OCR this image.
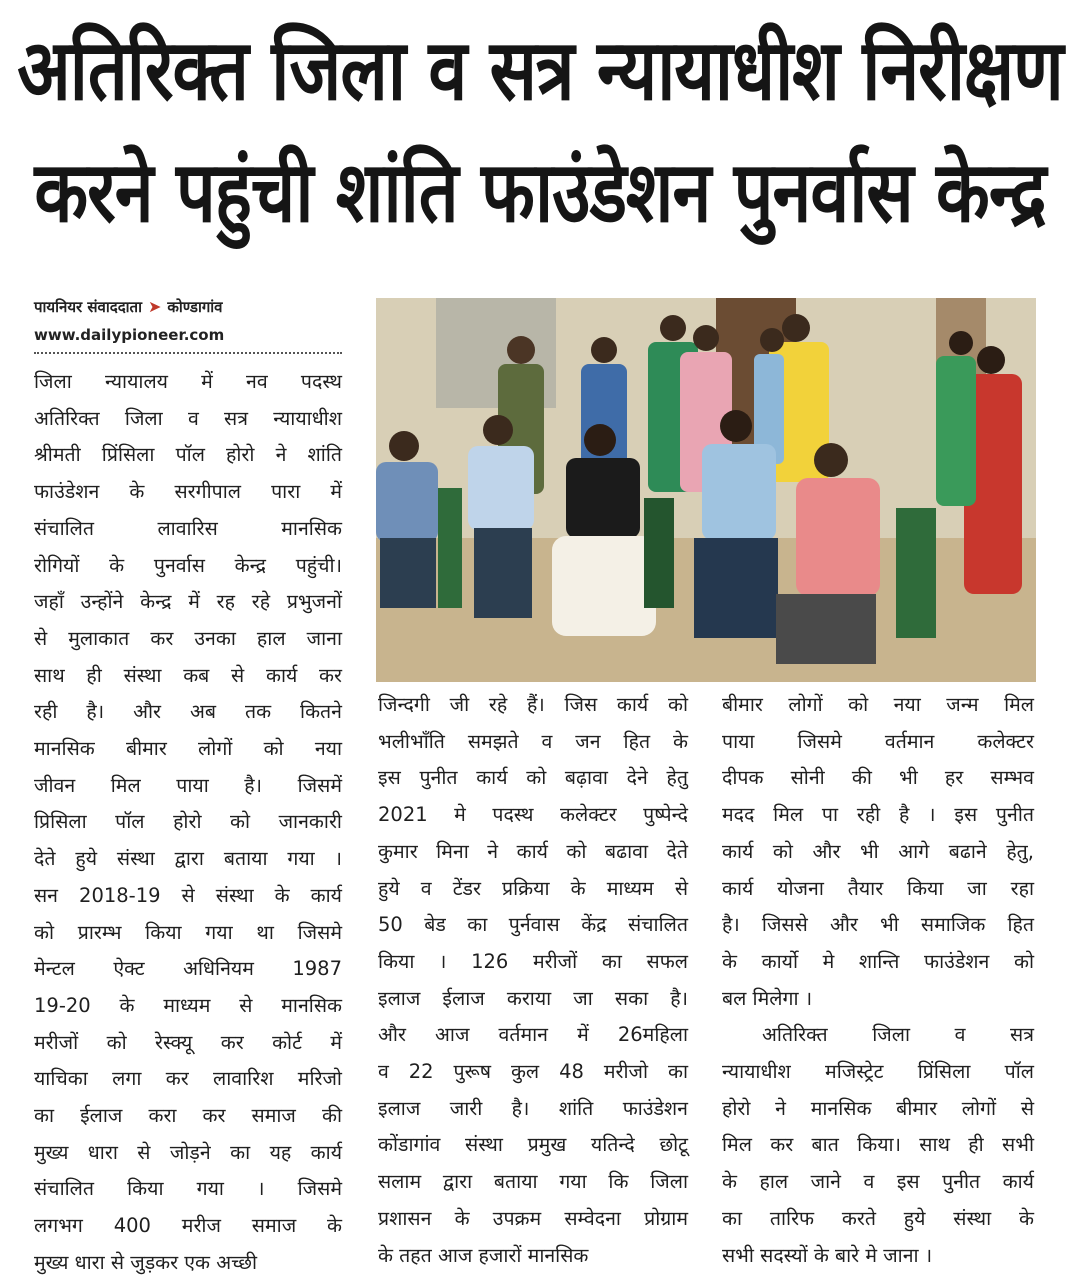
अतिरिक्त जिला व सत्र न्यायाधीश निरीक्षण
करने पहुंची शांति फाउंडेशन पुनर्वास केन्द्र
पायनियर संवाददाता ➤ कोण्डागांव
www.dailypioneer.com

जिला न्यायालय में नव पदस्थ

अतिरिक्त जिला व सत्र न्यायाधीश

श्रीमती प्रिंसिला पॉल होरो ने शांति

फाउंडेशन के सरगीपाल पारा में

संचालित लावारिस मानसिक

रोगियों के पुनर्वास केन्द्र पहुंची।

जहाँ उन्होंने केन्द्र में रह रहे प्रभुजनों

से मुलाकात कर उनका हाल जाना

साथ ही संस्था कब से कार्य कर

रही है। और अब तक कितने

मानसिक बीमार लोगों को नया

जीवन मिल पाया है। जिसमें

प्रिसिला पॉल होरो को जानकारी

देते हुये संस्था द्वारा बताया गया ।

सन 2018-19 से संस्था के कार्य

को प्रारम्भ किया गया था जिसमे

मेन्टल ऐक्ट अधिनियम 1987

19-20 के माध्यम से मानसिक

मरीजों को रेस्क्यू कर कोर्ट में

याचिका लगा कर लावारिश मरिजो

का ईलाज करा कर समाज की

मुख्य धारा से जोड़ने का यह कार्य

संचालित किया गया । जिसमे

लगभग 400 मरीज समाज के

मुख्य धारा से जुड़कर एक अच्छी

जिन्दगी जी रहे हैं। जिस कार्य को

भलीभाँति समझते व जन हित के

इस पुनीत कार्य को बढ़ावा देने हेतु

2021 मे पदस्थ कलेक्टर पुष्पेन्दे

कुमार मिना ने कार्य को बढावा देते

हुये व टेंडर प्रक्रिया के माध्यम से

50 बेड का पुर्नवास केंद्र संचालित

किया । 126 मरीजों का सफल

इलाज ईलाज कराया जा सका है।

और आज वर्तमान में 26महिला

व 22 पुरूष कुल 48 मरीजो का

इलाज जारी है। शांति फाउंडेशन

कोंडागांव संस्था प्रमुख यतिन्दे छोटू

सलाम द्वारा बताया गया कि जिला

प्रशासन के उपक्रम सम्वेदना प्रोग्राम

के तहत आज हजारों मानसिक

बीमार लोगों को नया जन्म मिल

पाया जिसमे वर्तमान कलेक्टर

दीपक सोनी की भी हर सम्भव

मदद मिल पा रही है । इस पुनीत

कार्य को और भी आगे बढाने हेतु,

कार्य योजना तैयार किया जा रहा

है। जिससे और भी समाजिक हित

के कार्यो मे शान्ति फाउंडेशन को

बल मिलेगा ।

अतिरिक्त जिला व सत्र

न्यायाधीश मजिस्ट्रेट प्रिंसिला पॉल

होरो ने मानसिक बीमार लोगों से

मिल कर बात किया। साथ ही सभी

के हाल जाने व इस पुनीत कार्य

का तारिफ करते हुये संस्था के

सभी सदस्यों के बारे मे जाना ।
